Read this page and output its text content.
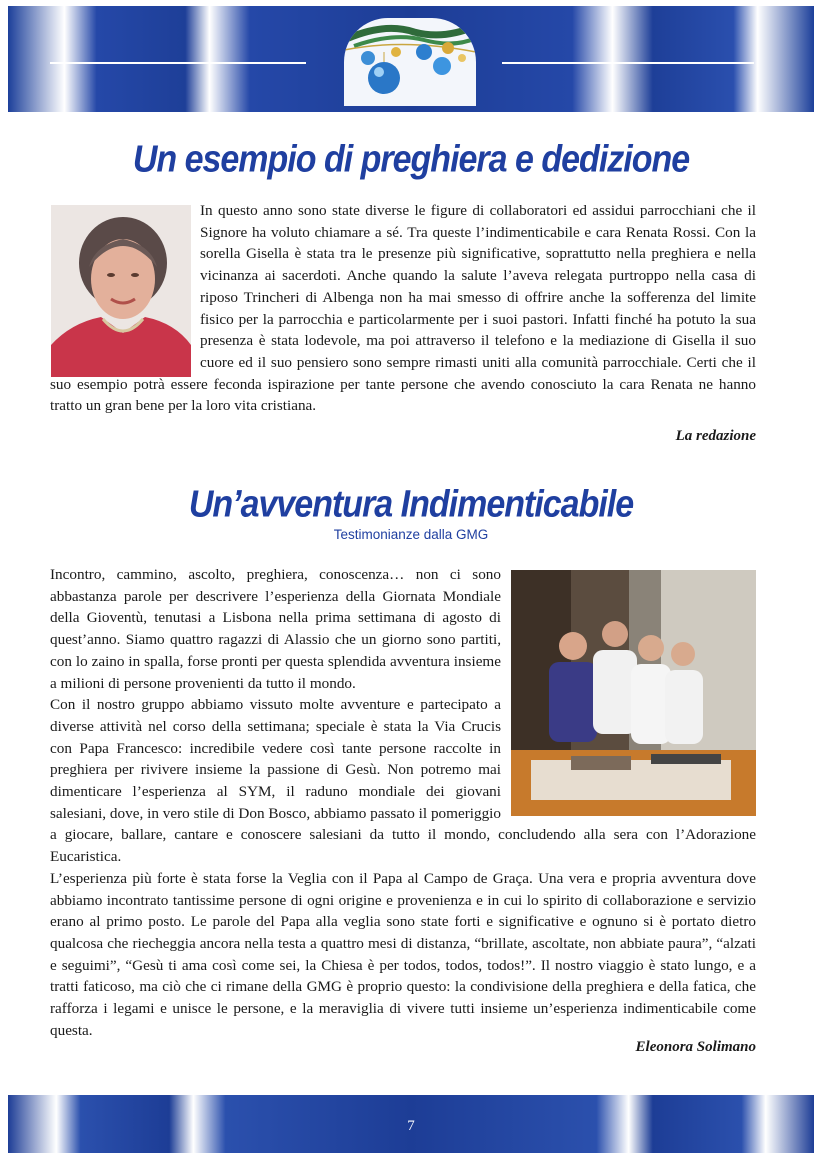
Un esempio di preghiera e dedizione

In questo anno sono state diverse le figure di collaboratori ed assidui parrocchiani che il Signore ha voluto chiamare a sé. Tra queste l’indimenticabile e cara Renata Rossi. Con la sorella Gisella è stata tra le presenze più significative, soprattutto nella preghiera e nella vicinanza ai sacerdoti. Anche quando la salute l’aveva relegata purtroppo nella casa di riposo Trincheri di Albenga non ha mai smesso di offrire anche la sofferenza del limite fisico per la parrocchia e particolarmente per i suoi pastori. Infatti finché ha potuto la sua presenza è stata lodevole, ma poi attraverso il telefono e la mediazione di Gisella il suo cuore ed il suo pensiero sono sempre rimasti uniti alla comunità parrocchiale. Certi che il suo esempio potrà essere feconda ispirazione per tante persone che avendo conosciuto la cara Renata ne hanno tratto un gran bene per la loro vita cristiana.

La redazione
Un’avventura Indimenticabile
Testimonianze dalla GMG

Incontro, cammino, ascolto, preghiera, conoscenza… non ci sono abbastanza parole per descrivere l’esperienza della Giornata Mondiale della Gioventù, tenutasi a Lisbona nella prima settimana di agosto di quest’anno. Siamo quattro ragazzi di Alassio che un giorno sono partiti, con lo zaino in spalla, forse pronti per questa splendida avventura insieme a milioni di persone provenienti da tutto il mondo.

Con il nostro gruppo abbiamo vissuto molte avventure e partecipato a diverse attività nel corso della settimana; speciale è stata la Via Crucis con Papa Francesco: incredibile vedere così tante persone raccolte in preghiera per rivivere insieme la passione di Gesù. Non potremo mai dimenticare l’esperienza al SYM, il raduno mondiale dei giovani salesiani, dove, in vero stile di Don Bosco, abbiamo passato il pomeriggio a giocare, ballare, cantare e conoscere salesiani da tutto il mondo, concludendo alla sera con l’Adorazione Eucaristica.

L’esperienza più forte è stata forse la Veglia con il Papa al Campo de Graça. Una vera e propria avventura dove abbiamo incontrato tantissime persone di ogni origine e provenienza e in cui lo spirito di collaborazione e servizio erano al primo posto. Le parole del Papa alla veglia sono state forti e significative e ognuno si è portato dietro qualcosa che riecheggia ancora nella testa a quattro mesi di distanza, “brillate, ascoltate, non abbiate paura”, “alzati e seguimi”, “Gesù ti ama così come sei, la Chiesa è per todos, todos, todos!”. Il nostro viaggio è stato lungo, e a tratti faticoso, ma ciò che ci rimane della GMG è proprio questo: la condivisione della preghiera e della fatica, che rafforza i legami e unisce le persone, e la meraviglia di vivere tutti insieme un’esperienza indimenticabile come questa.

Eleonora Solimano
7
